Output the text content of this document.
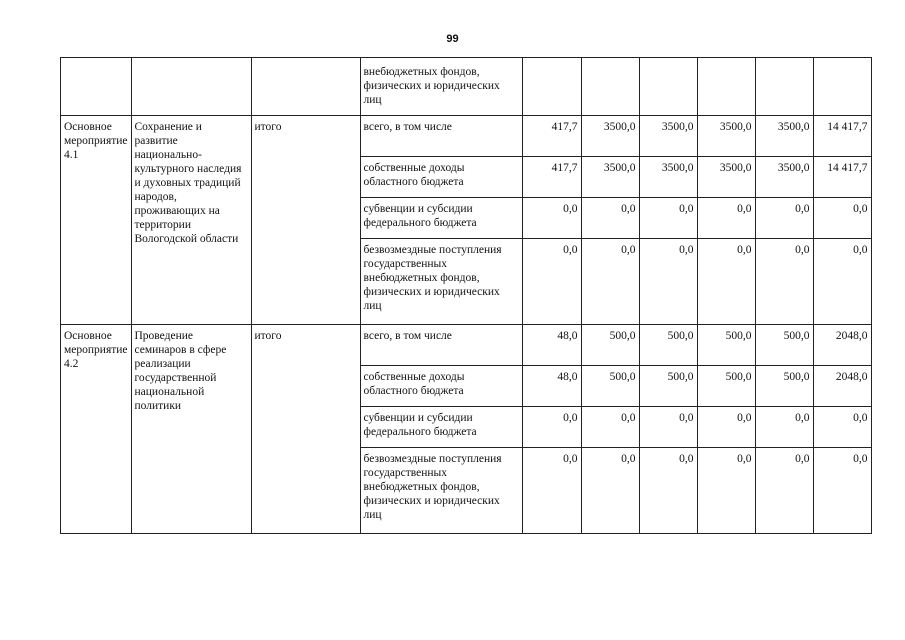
99
			внебюджетных фондов, физических и юридических лиц						
Основное мероприятие 4.1	Сохранение и развитие национально-культурного наследия и духовных традиций народов, проживающих на территории Вологодской области	итого	всего, в том числе	417,7	3500,0	3500,0	3500,0	3500,0	14 417,7
			собственные доходы областного бюджета	417,7	3500,0	3500,0	3500,0	3500,0	14 417,7
			субвенции и субсидии федерального бюджета	0,0	0,0	0,0	0,0	0,0	0,0
			безвозмездные поступления государственных внебюджетных фондов, физических и юридических лиц	0,0	0,0	0,0	0,0	0,0	0,0
Основное мероприятие 4.2	Проведение семинаров в сфере реализации государственной национальной политики	итого	всего, в том числе	48,0	500,0	500,0	500,0	500,0	2048,0
			собственные доходы областного бюджета	48,0	500,0	500,0	500,0	500,0	2048,0
			субвенции и субсидии федерального бюджета	0,0	0,0	0,0	0,0	0,0	0,0
			безвозмездные поступления государственных внебюджетных фондов, физических и юридических лиц	0,0	0,0	0,0	0,0	0,0	0,0
